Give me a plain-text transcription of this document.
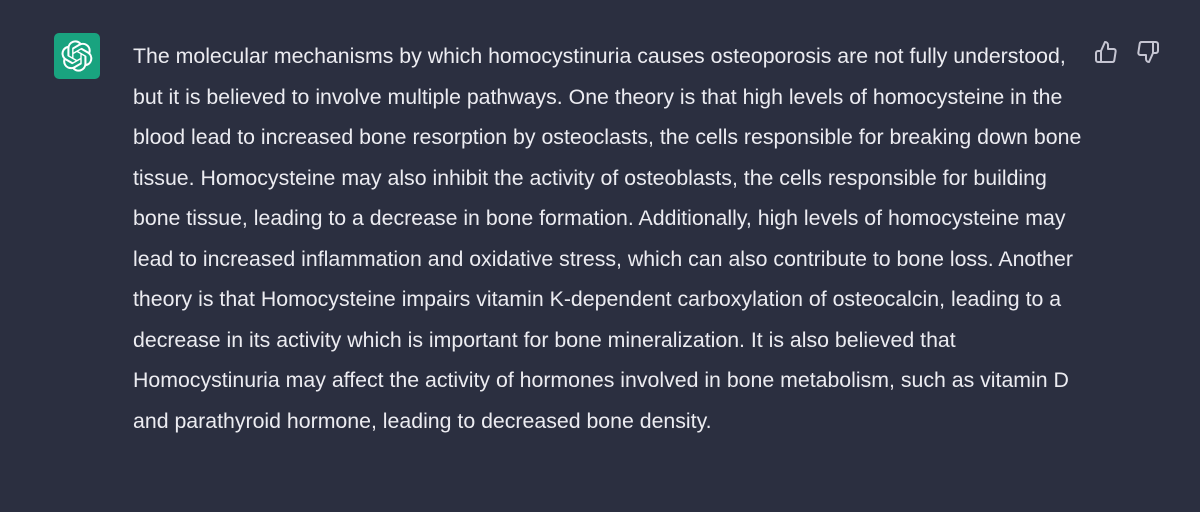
The molecular mechanisms by which homocystinuria causes osteoporosis are not fully understood, but it is believed to involve multiple pathways. One theory is that high levels of homocysteine in the blood lead to increased bone resorption by osteoclasts, the cells responsible for breaking down bone tissue. Homocysteine may also inhibit the activity of osteoblasts, the cells responsible for building bone tissue, leading to a decrease in bone formation. Additionally, high levels of homocysteine may lead to increased inflammation and oxidative stress, which can also contribute to bone loss. Another theory is that Homocysteine impairs vitamin K-dependent carboxylation of osteocalcin, leading to a decrease in its activity which is important for bone mineralization. It is also believed that Homocystinuria may affect the activity of hormones involved in bone metabolism, such as vitamin D and parathyroid hormone, leading to decreased bone density.
